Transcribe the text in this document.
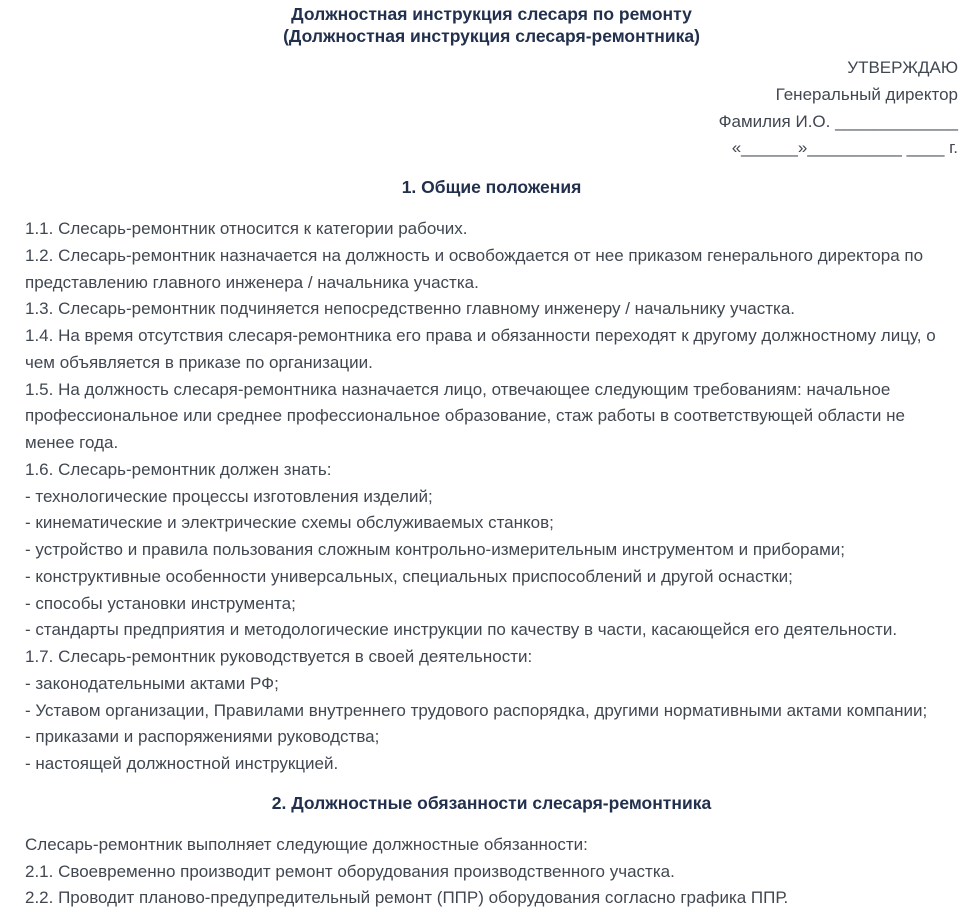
Должностная инструкция слесаря по ремонту
(Должностная инструкция слесаря-ремонтника)

УТВЕРЖДАЮ

Генеральный директор

Фамилия И.О. _____________

«______»__________ ____ г.

1. Общие положения

1.1. Слесарь-ремонтник относится к категории рабочих.

1.2. Слесарь-ремонтник назначается на должность и освобождается от нее приказом генерального директора по представлению главного инженера / начальника участка.

1.3. Слесарь-ремонтник подчиняется непосредственно главному инженеру / начальнику участка.

1.4. На время отсутствия слесаря-ремонтника его права и обязанности переходят к другому должностному лицу, о чем объявляется в приказе по организации.

1.5. На должность слесаря-ремонтника назначается лицо, отвечающее следующим требованиям: начальное профессиональное или среднее профессиональное образование, стаж работы в соответствующей области не менее года.

1.6. Слесарь-ремонтник должен знать:

- технологические процессы изготовления изделий;

- кинематические и электрические схемы обслуживаемых станков;

- устройство и правила пользования сложным контрольно-измерительным инструментом и приборами;

- конструктивные особенности универсальных, специальных приспособлений и другой оснастки;

- способы установки инструмента;

- стандарты предприятия и методологические инструкции по качеству в части, касающейся его деятельности.

1.7. Слесарь-ремонтник руководствуется в своей деятельности:

- законодательными актами РФ;

- Уставом организации, Правилами внутреннего трудового распорядка, другими нормативными актами компании;

- приказами и распоряжениями руководства;

- настоящей должностной инструкцией.

2. Должностные обязанности слесаря-ремонтника

Слесарь-ремонтник выполняет следующие должностные обязанности:

2.1. Своевременно производит ремонт оборудования производственного участка.

2.2. Проводит планово-предупредительный ремонт (ППР) оборудования согласно графика ППР.
